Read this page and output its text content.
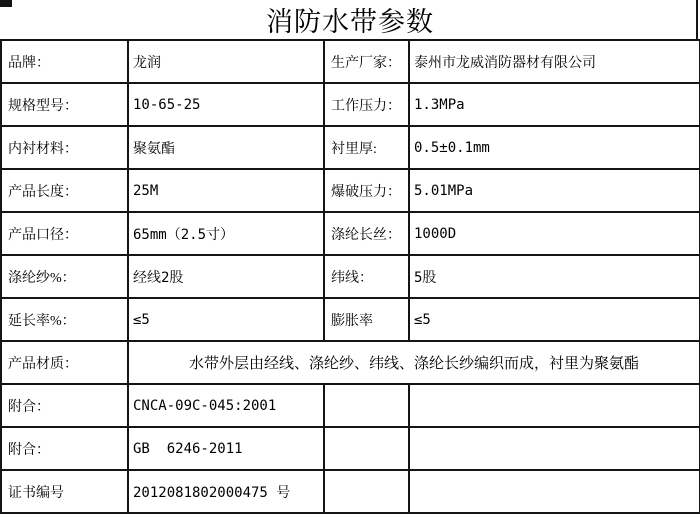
消防水带参数
品牌：	龙润	生产厂家：	泰州市龙威消防器材有限公司
规格型号：	10-65-25	工作压力：	1.3MPa
内衬材料：	聚氨酯	衬里厚:	0.5±0.1mm
产品长度：	25M	爆破压力：	5.01MPa
产品口径：	65mm（2.5寸）	涤纶长丝：	1000D
涤纶纱%：	经线2股	纬线：	5股
延长率%：	≤5	膨胀率	≤5
产品材质：	水带外层由经线、涤纶纱、纬线、涤纶长纱编织而成，衬里为聚氨酯		
附合：	CNCA-09C-045:2001		
附合：	GB  6246-2011		
证书编号	2012081802000475 号		
